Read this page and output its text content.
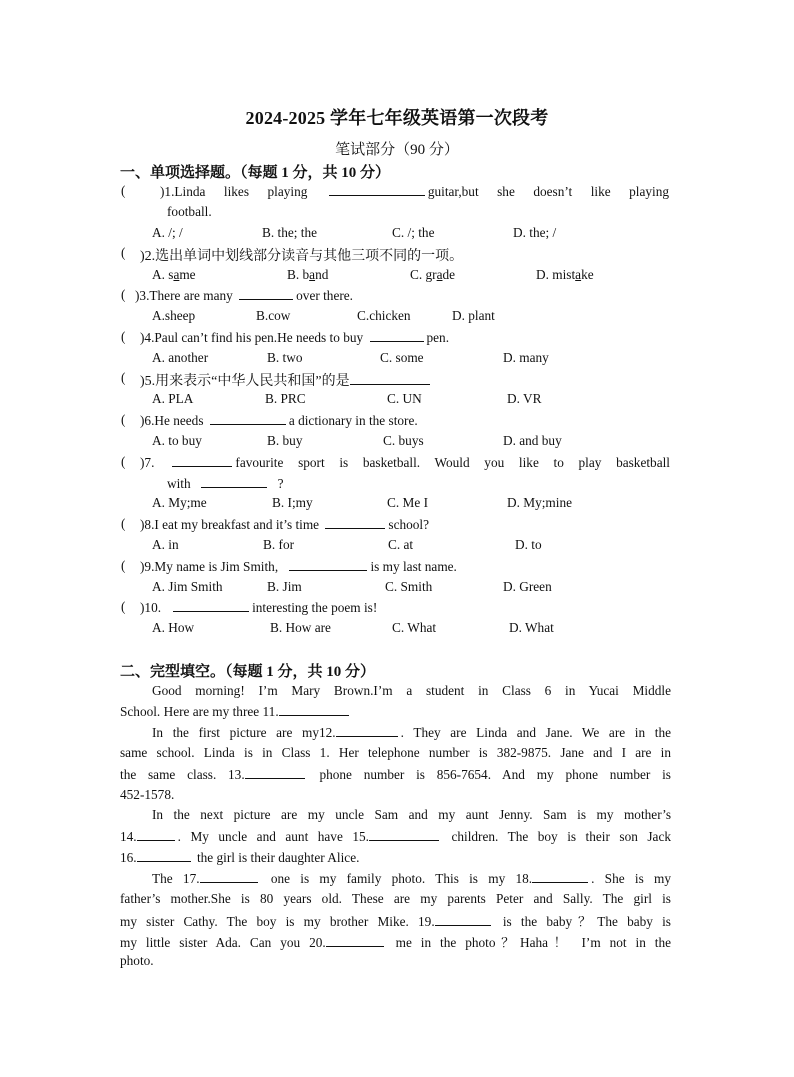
2024-2025 学年七年级英语第一次段考
笔试部分（90 分）
一、单项选择题。（每题 1 分，共 10 分）
(	)1.Linda likes playing	guitar,but she doesn’t like playing
football.
A. /; /	B. the; the	C. /; the	D. the; /
( )2.选出单词中划线部分读音与其他三项不同的一项。
A. same	B. band	C. grade	D. mistake
( )3.There are many	over there.
A.sheep	B.cow	C.chicken	D. plant
( )4.Paul can’t find his pen.He needs to buy	pen.
A. another	B. two	C. some	D. many
( )5.用来表示“中华人民共和国”的是
A. PLA	B. PRC	C. UN	D. VR
( )6.He needs	a dictionary in the store.
A. to buy	B. buy	C. buys	D. and buy
( )7.	favourite sport is basketball. Would you like to play basketball
with	?
A. My;me	B. I;my	C. Me I	D. My;mine
( )8.I eat my breakfast and it’s time	school?
A. in	B. for	C. at	D. to
( )9.My name is Jim Smith,	is my last name.
A. Jim Smith	B. Jim	C. Smith	D. Green
( )10.	interesting the poem is!
A. How	B. How are	C. What	D. What
二、完型填空。（每题 1 分，共 10 分）
Good morning! I’m Mary Brown.I’m a student in Class 6 in Yucai Middle
School. Here are my three 11.
In the first picture are my12.	. They are Linda and Jane. We are in the
same school. Linda is in Class 1. Her telephone number is 382-9875. Jane and I are in
the same class. 13.	phone number is 856-7654. And my phone number is
452-1578.
In the next picture are my uncle Sam and my aunt Jenny. Sam is my mother’s
14.	. My uncle and aunt have 15.	children. The boy is their son Jack
16.	the girl is their daughter Alice.
The 17.	one is my family photo. This is my 18.	. She is my
father’s mother.She is 80 years old. These are my parents Peter and Sally. The girl is
my sister Cathy. The boy is my brother Mike. 19.	is the baby？The baby is
my little sister Ada. Can you 20.	me in the photo？Haha！ I’m not in the
photo.
